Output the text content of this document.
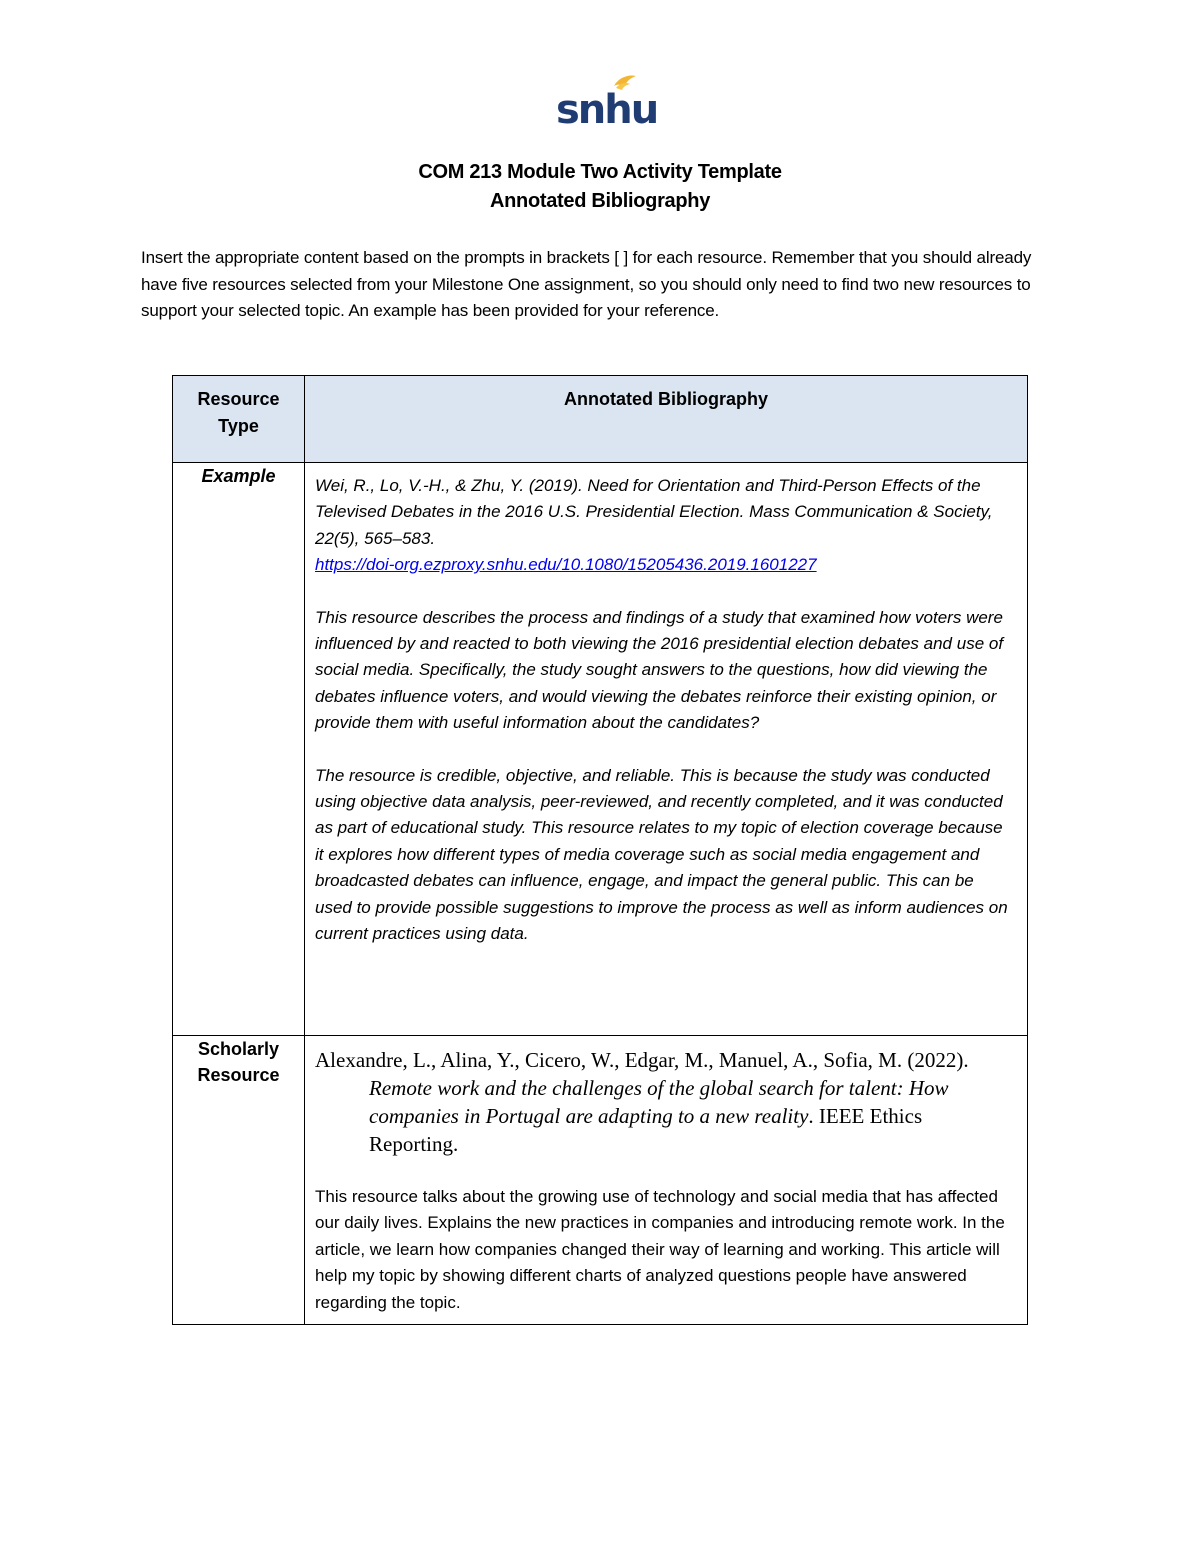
snhu
COM 213 Module Two Activity Template
Annotated Bibliography
Insert the appropriate content based on the prompts in brackets [ ] for each resource. Remember that you should already have five resources selected from your Milestone One assignment, so you should only need to find two new resources to support your selected topic. An example has been provided for your reference.
Resource Type	Annotated Bibliography
Example	Wei, R., Lo, V.-H., & Zhu, Y. (2019). Need for Orientation and Third-Person Effects of the Televised Debates in the 2016 U.S. Presidential Election. Mass Communication & Society, 22(5), 565–583.
https://doi-org.ezproxy.snhu.edu/10.1080/15205436.2019.1601227
This resource describes the process and findings of a study that examined how voters were influenced by and reacted to both viewing the 2016 presidential election debates and use of social media. Specifically, the study sought answers to the questions, how did viewing the debates influence voters, and would viewing the debates reinforce their existing opinion, or provide them with useful information about the candidates?
The resource is credible, objective, and reliable. This is because the study was conducted using objective data analysis, peer-reviewed, and recently completed, and it was conducted as part of educational study. This resource relates to my topic of election coverage because it explores how different types of media coverage such as social media engagement and broadcasted debates can influence, engage, and impact the general public. This can be used to provide possible suggestions to improve the process as well as inform audiences on current practices using data.

Scholarly Resource	Alexandre, L., Alina, Y., Cicero, W., Edgar, M., Manuel, A., Sofia, M. (2022). Remote work and the challenges of the global search for talent: How companies in Portugal are adapting to a new reality. IEEE Ethics Reporting.
This resource talks about the growing use of technology and social media that has affected our daily lives. Explains the new practices in companies and introducing remote work. In the article, we learn how companies changed their way of learning and working. This article will help my topic by showing different charts of analyzed questions people have answered regarding the topic.
